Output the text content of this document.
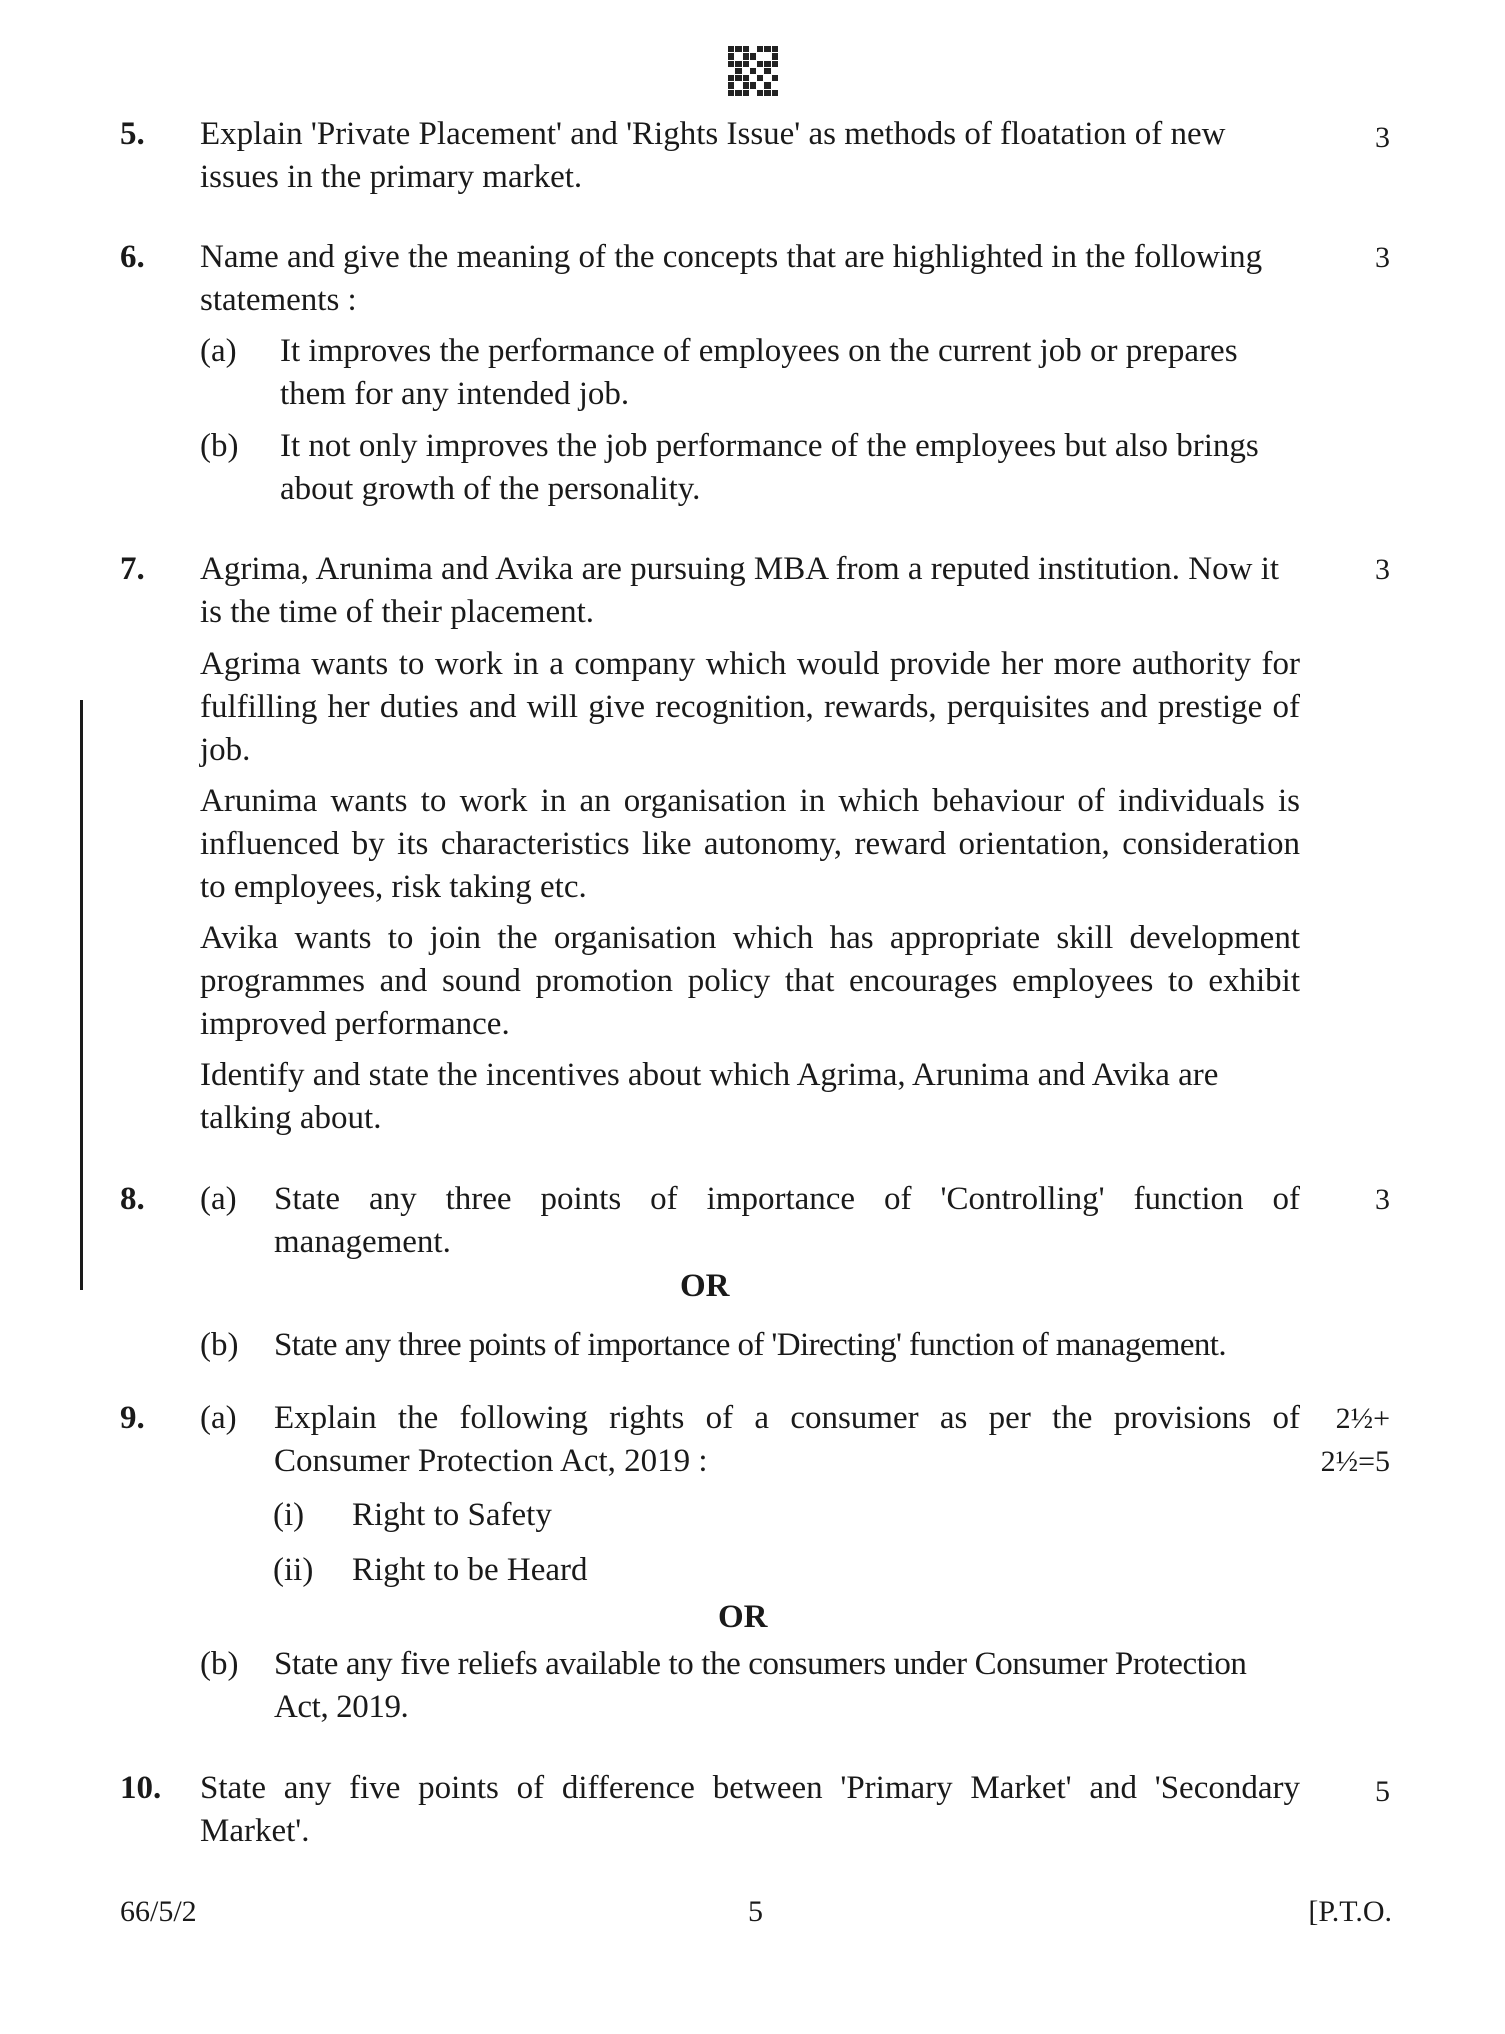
5. Explain 'Private Placement' and 'Rights Issue' as methods of floatation of new issues in the primary market.
3
6. Name and give the meaning of the concepts that are highlighted in the following statements :
3
(a) It improves the performance of employees on the current job or prepares them for any intended job.
(b) It not only improves the job performance of the employees but also brings about growth of the personality.
7. Agrima, Arunima and Avika are pursuing MBA from a reputed institution. Now it is the time of their placement.
3
Agrima wants to work in a company which would provide her more authority for fulfilling her duties and will give recognition, rewards, perquisites and prestige of job.
Arunima wants to work in an organisation in which behaviour of individuals is influenced by its characteristics like autonomy, reward orientation, consideration to employees, risk taking etc.
Avika wants to join the organisation which has appropriate skill development programmes and sound promotion policy that encourages employees to exhibit improved performance.
Identify and state the incentives about which Agrima, Arunima and Avika are talking about.
8. (a) State any three points of importance of 'Controlling' function of management.
3
OR
(b) State any three points of importance of 'Directing' function of management.
9. (a) Explain the following rights of a consumer as per the provisions of Consumer Protection Act, 2019 :
2½+
2½=5
(i) Right to Safety
(ii) Right to be Heard
OR
(b) State any five reliefs available to the consumers under Consumer Protection Act, 2019.
10. State any five points of difference between 'Primary Market' and 'Secondary Market'.
5
66/5/2	5	[P.T.O.
